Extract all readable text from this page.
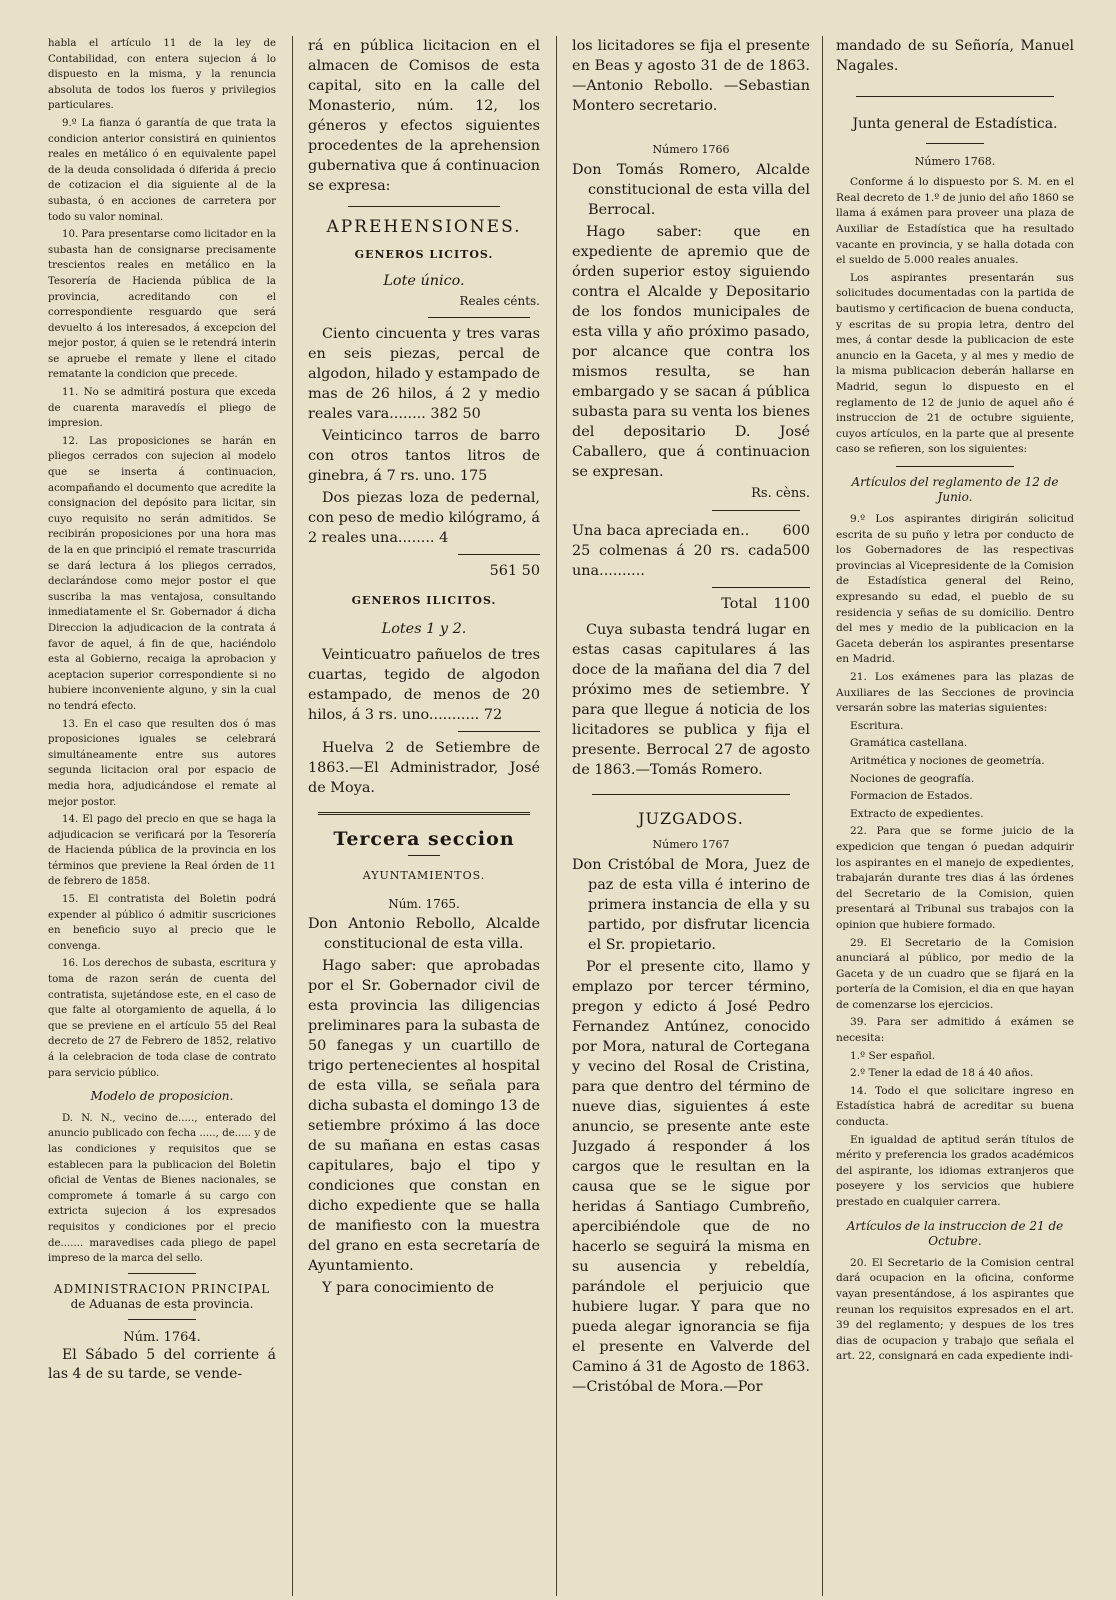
habla el artículo 11 de la ley de Contabilidad, con entera sujecion á lo dispuesto en la misma, y la renuncia absoluta de todos los fueros y privilegios particulares.

9.º La fianza ó garantía de que trata la condicion anterior consistirá en quinientos reales en metálico ó en equivalente papel de la deuda consolidada ó diferida á precio de cotizacion el dia siguiente al de la subasta, ó en acciones de carretera por todo su valor nominal.

10. Para presentarse como licitador en la subasta han de consignarse precisamente trescientos reales en metálico en la Tesorería de Hacienda pública de la provincia, acreditando con el correspondiente resguardo que será devuelto á los interesados, á excepcion del mejor postor, á quien se le retendrá interin se apruebe el remate y llene el citado rematante la condicion que precede.

11. No se admitirá postura que exceda de cuarenta maravedís el pliego de impresion.

12. Las proposiciones se harán en pliegos cerrados con sujecion al modelo que se inserta á continuacion, acompañando el documento que acredite la consignacion del depósito para licitar, sin cuyo requisito no serán admitidos. Se recibirán proposiciones por una hora mas de la en que principió el remate trascurrida se dará lectura á los pliegos cerrados, declarándose como mejor postor el que suscriba la mas ventajosa, consultando inmediatamente el Sr. Gobernador á dicha Direccion la adjudicacion de la contrata á favor de aquel, á fin de que, haciéndolo esta al Gobierno, recaiga la aprobacion y aceptacion superior correspondiente si no hubiere inconveniente alguno, y sin la cual no tendrá efecto.

13. En el caso que resulten dos ó mas proposiciones iguales se celebrará simultáneamente entre sus autores segunda licitacion oral por espacio de media hora, adjudicándose el remate al mejor postor.

14. El pago del precio en que se haga la adjudicacion se verificará por la Tesorería de Hacienda pública de la provincia en los términos que previene la Real órden de 11 de febrero de 1858.

15. El contratista del Boletin podrá expender al público ó admitir suscriciones en beneficio suyo al precio que le convenga.

16. Los derechos de subasta, escritura y toma de razon serán de cuenta del contratista, sujetándose este, en el caso de que falte al otorgamiento de aquella, á lo que se previene en el artículo 55 del Real decreto de 27 de Febrero de 1852, relativo á la celebracion de toda clase de contrato para servicio público.

Modelo de proposicion.

D. N. N., vecino de....., enterado del anuncio publicado con fecha ....., de..... y de las condiciones y requisitos que se establecen para la publicacion del Boletin oficial de Ventas de Bienes nacionales, se compromete á tomarle á su cargo con extricta sujecion á los expresados requisitos y condiciones por el precio de....... maravedises cada pliego de papel impreso de la marca del sello.

ADMINISTRACION PRINCIPAL
de Aduanas de esta provincia.
Núm. 1764.

El Sábado 5 del corriente á las 4 de su tarde, se vende-

rá en pública licitacion en el almacen de Comisos de esta capital, sito en la calle del Monasterio, núm. 12, los géneros y efectos siguientes procedentes de la aprehension gubernativa que á continuacion se expresa:

APREHENSIONES.
GENEROS LICITOS.
Lote único.
Reales cénts.

Ciento cincuenta y tres varas en seis piezas, percal de algodon, hilado y estampado de mas de 26 hilos, á 2 y medio reales vara........ 382 50

Veinticinco tarros de barro con otros tantos litros de ginebra, á 7 rs. uno. 175

Dos piezas loza de pedernal, con peso de medio kilógramo, á 2 reales una........ 4

561 50
GENEROS ILICITOS.
Lotes 1 y 2.

Veinticuatro pañuelos de tres cuartas, tegido de algodon estampado, de menos de 20 hilos, á 3 rs. uno........... 72

Huelva 2 de Setiembre de 1863.—El Administrador, José de Moya.

Tercera seccion
AYUNTAMIENTOS.
Núm. 1765.

Don Antonio Rebollo, Alcalde constitucional de esta villa.

Hago saber: que aprobadas por el Sr. Gobernador civil de esta provincia las diligencias preliminares para la subasta de 50 fanegas y un cuartillo de trigo pertenecientes al hospital de esta villa, se señala para dicha subasta el domingo 13 de setiembre próximo á las doce de su mañana en estas casas capitulares, bajo el tipo y condiciones que constan en dicho expediente que se halla de manifiesto con la muestra del grano en esta secretaría de Ayuntamiento.

Y para conocimiento de

los licitadores se fija el presente en Beas y agosto 31 de de 1863.—Antonio Rebollo. —Sebastian Montero secretario.

Número 1766

Don Tomás Romero, Alcalde constitucional de esta villa del Berrocal.

Hago saber: que en expediente de apremio que de órden superior estoy siguiendo contra el Alcalde y Depositario de los fondos municipales de esta villa y año próximo pasado, por alcance que contra los mismos resulta, se han embargado y se sacan á pública subasta para su venta los bienes del depositario D. José Caballero, que á continuacion se expresan.

Rs. cèns.
Una baca apreciada en.. 600
25 colmenas á 20 rs. cada una..........
500
Total 1100

Cuya subasta tendrá lugar en estas casas capitulares á las doce de la mañana del dia 7 del próximo mes de setiembre. Y para que llegue á noticia de los licitadores se publica y fija el presente. Berrocal 27 de agosto de 1863.—Tomás Romero.

JUZGADOS.
Número 1767

Don Cristóbal de Mora, Juez de paz de esta villa é interino de primera instancia de ella y su partido, por disfrutar licencia el Sr. propietario.

Por el presente cito, llamo y emplazo por tercer término, pregon y edicto á José Pedro Fernandez Antúnez, conocido por Mora, natural de Cortegana y vecino del Rosal de Cristina, para que dentro del término de nueve dias, siguientes á este anuncio, se presente ante este Juzgado á responder á los cargos que le resultan en la causa que se le sigue por heridas á Santiago Cumbreño, apercibiéndole que de no hacerlo se seguirá la misma en su ausencia y rebeldía, parándole el perjuicio que hubiere lugar. Y para que no pueda alegar ignorancia se fija el presente en Valverde del Camino á 31 de Agosto de 1863. —Cristóbal de Mora.—Por

mandado de su Señoría, Manuel Nagales.

Junta general de Estadística.
Número 1768.

Conforme á lo dispuesto por S. M. en el Real decreto de 1.º de junio del año 1860 se llama á exámen para proveer una plaza de Auxiliar de Estadística que ha resultado vacante en provincia, y se halla dotada con el sueldo de 5.000 reales anuales.

Los aspirantes presentarán sus solicitudes documentadas con la partida de bautismo y certificacion de buena conducta, y escritas de su propia letra, dentro del mes, á contar desde la publicacion de este anuncio en la Gaceta, y al mes y medio de la misma publicacion deberán hallarse en Madrid, segun lo dispuesto en el reglamento de 12 de junio de aquel año é instruccion de 21 de octubre siguiente, cuyos artículos, en la parte que al presente caso se refieren, son los siguientes:

Artículos del reglamento de 12 de Junio.

9.º Los aspirantes dirigirán solicitud escrita de su puño y letra por conducto de los Gobernadores de las respectivas provincias al Vicepresidente de la Comision de Estadística general del Reino, expresando su edad, el pueblo de su residencia y señas de su domicilio. Dentro del mes y medio de la publicacion en la Gaceta deberán los aspirantes presentarse en Madrid.

21. Los exámenes para las plazas de Auxiliares de las Secciones de provincia versarán sobre las materias siguientes:

Escritura.

Gramática castellana.

Aritmética y nociones de geometría.

Nociones de geografía.

Formacion de Estados.

Extracto de expedientes.

22. Para que se forme juicio de la expedicion que tengan ó puedan adquirir los aspirantes en el manejo de expedientes, trabajarán durante tres dias á las órdenes del Secretario de la Comision, quien presentará al Tribunal sus trabajos con la opinion que hubiere formado.

29. El Secretario de la Comision anunciará al público, por medio de la Gaceta y de un cuadro que se fijará en la portería de la Comision, el dia en que hayan de comenzarse los ejercicios.

39. Para ser admitido á exámen se necesita:

1.º Ser español.

2.º Tener la edad de 18 á 40 años.

14. Todo el que solicitare ingreso en Estadística habrá de acreditar su buena conducta.

En igualdad de aptitud serán títulos de mérito y preferencia los grados académicos del aspirante, los idiomas extranjeros que poseyere y los servicios que hubiere prestado en cualquier carrera.

Artículos de la instruccion de 21 de Octubre.

20. El Secretario de la Comision central dará ocupacion en la oficina, conforme vayan presentándose, á los aspirantes que reunan los requisitos expresados en el art. 39 del reglamento; y despues de los tres dias de ocupacion y trabajo que señala el art. 22, consignará en cada expediente indi-
